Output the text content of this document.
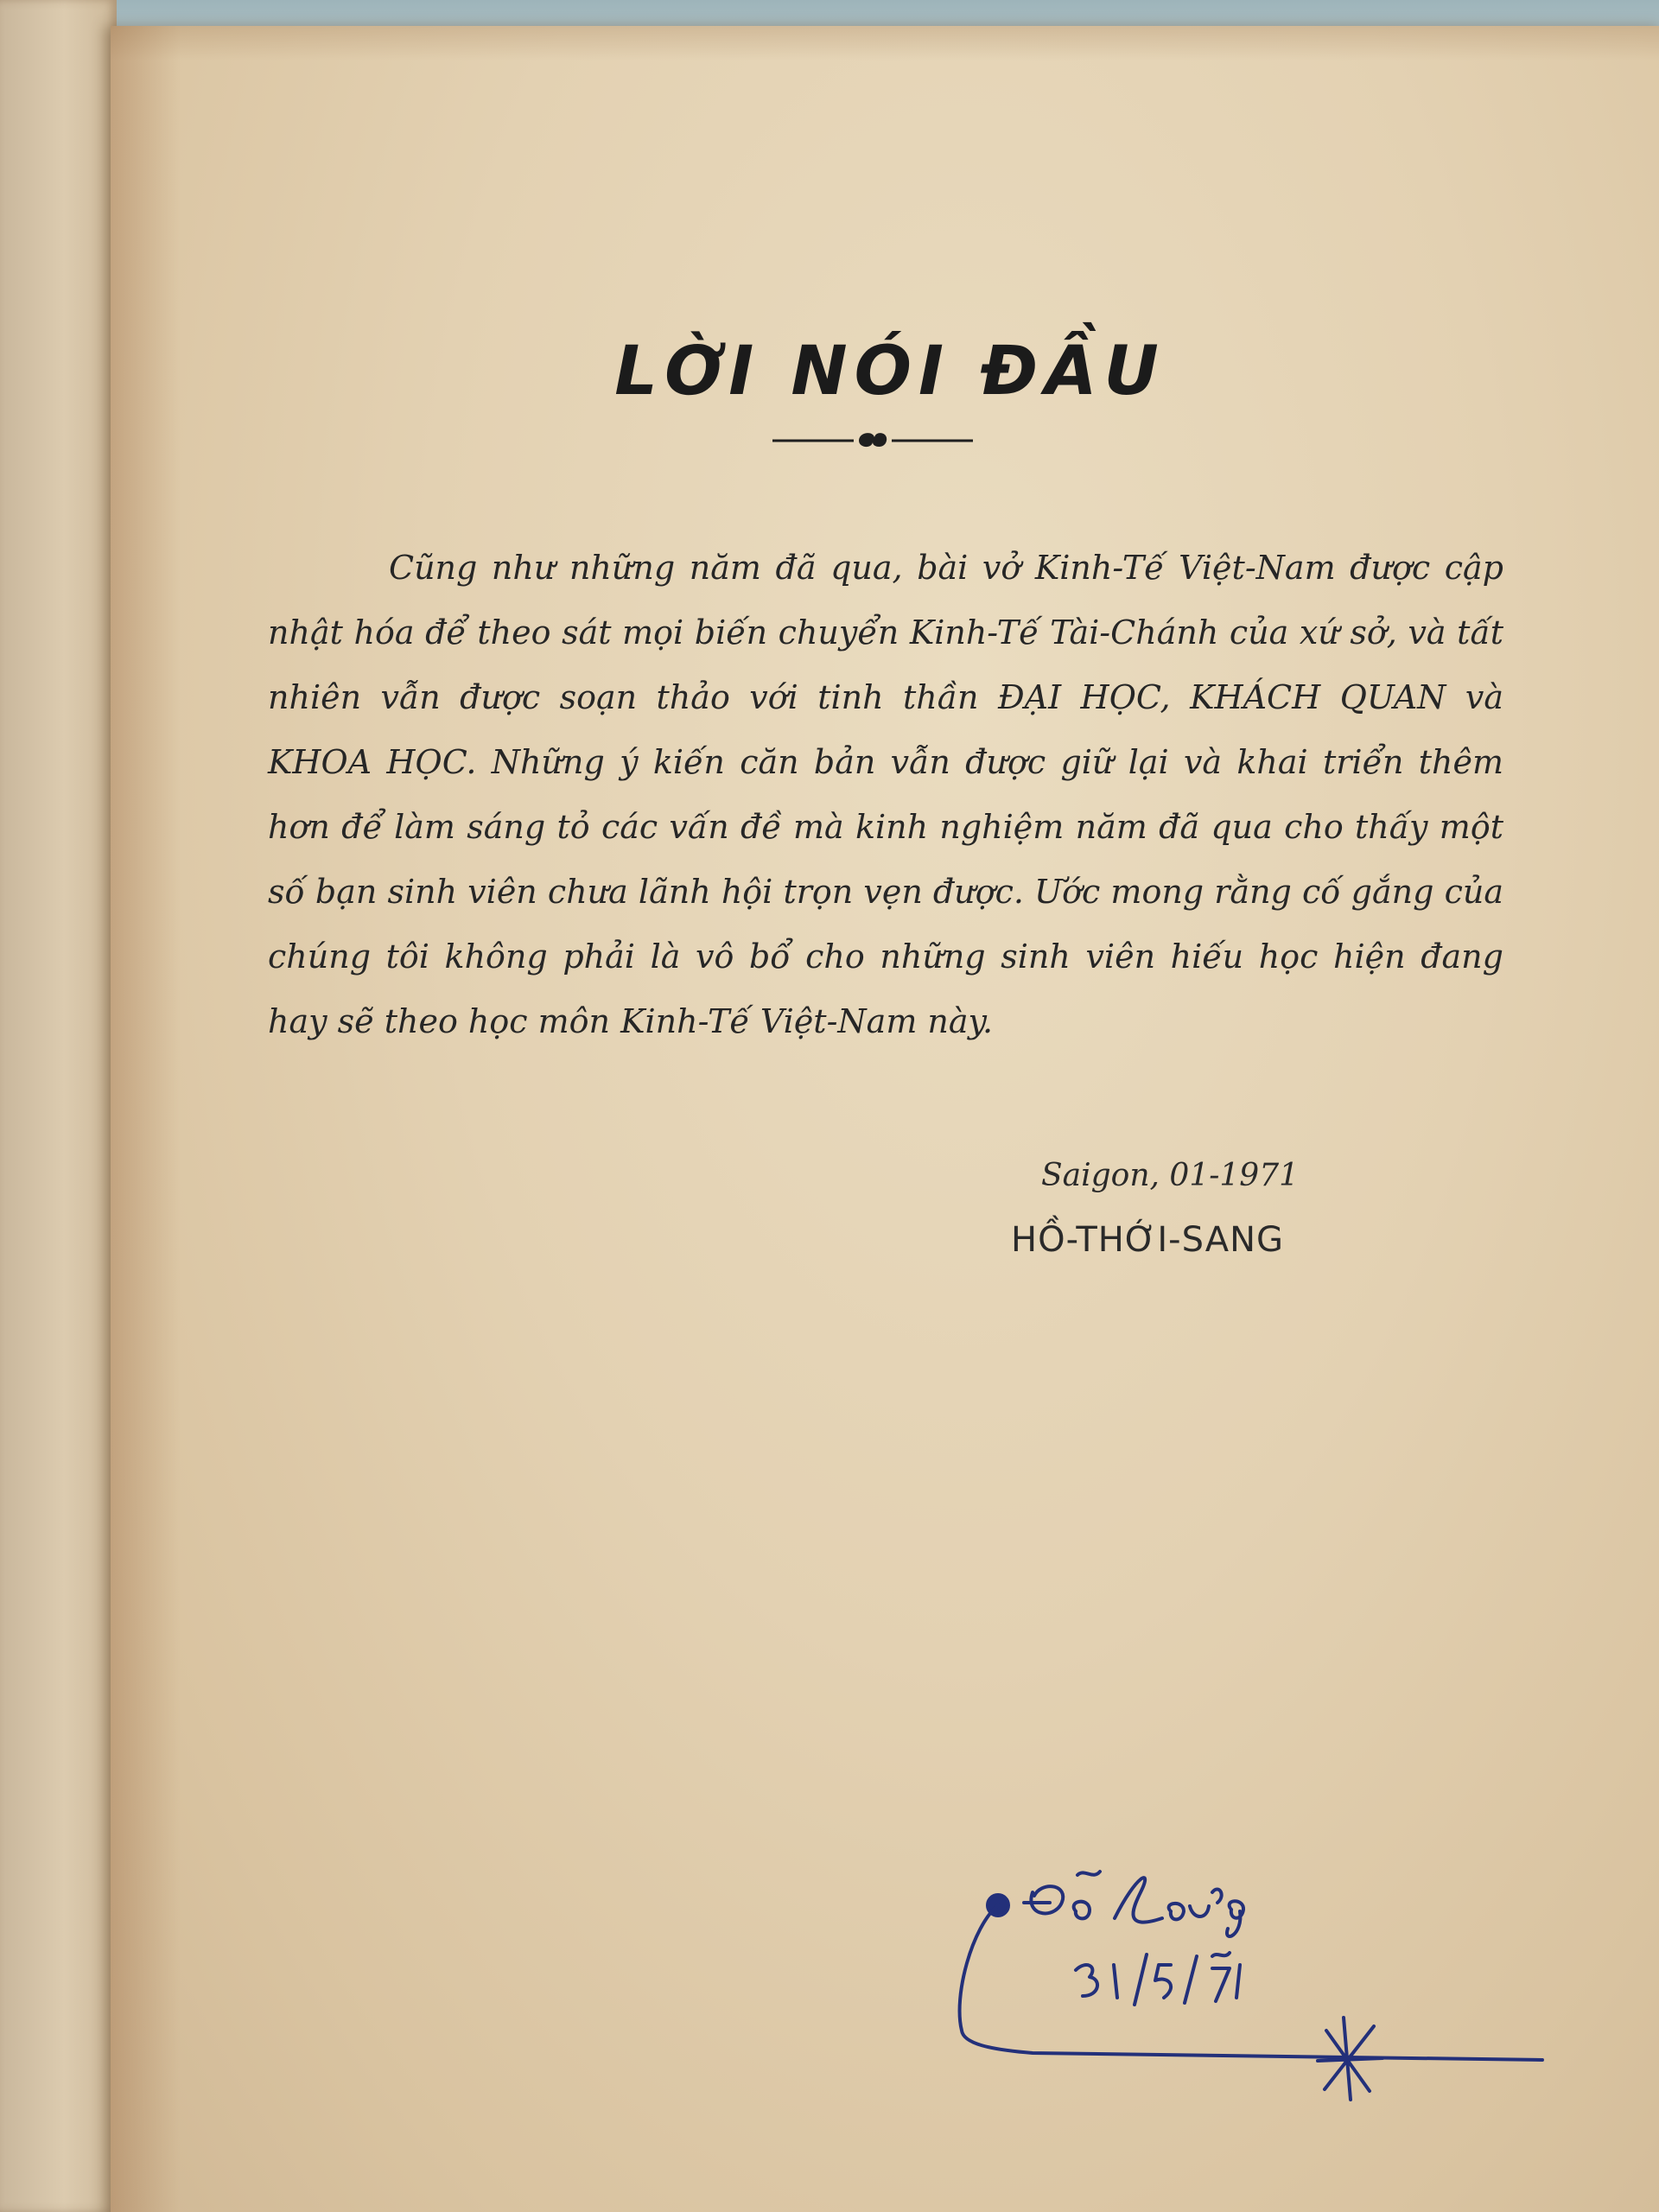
LỜI NÓI ĐẦU

Cũng như những năm đã qua, bài vở Kinh-Tế Việt-Nam được cập nhật hóa để theo sát mọi biến chuyển Kinh-Tế Tài-Chánh của xứ sở, và tất nhiên vẫn được soạn thảo với tinh thần ĐẠI HỌC, KHÁCH QUAN và KHOA HỌC. Những ý kiến căn bản vẫn được giữ lại và khai triển thêm hơn để làm sáng tỏ các vấn đề mà kinh nghiệm năm đã qua cho thấy một số bạn sinh viên chưa lãnh hội trọn vẹn được. Ước mong rằng cố gắng của chúng tôi không phải là vô bổ cho những sinh viên hiếu học hiện đang hay sẽ theo học môn Kinh-Tế Việt-Nam này.

Saigon, 01-1971
HỒ-THỚI-SANG
